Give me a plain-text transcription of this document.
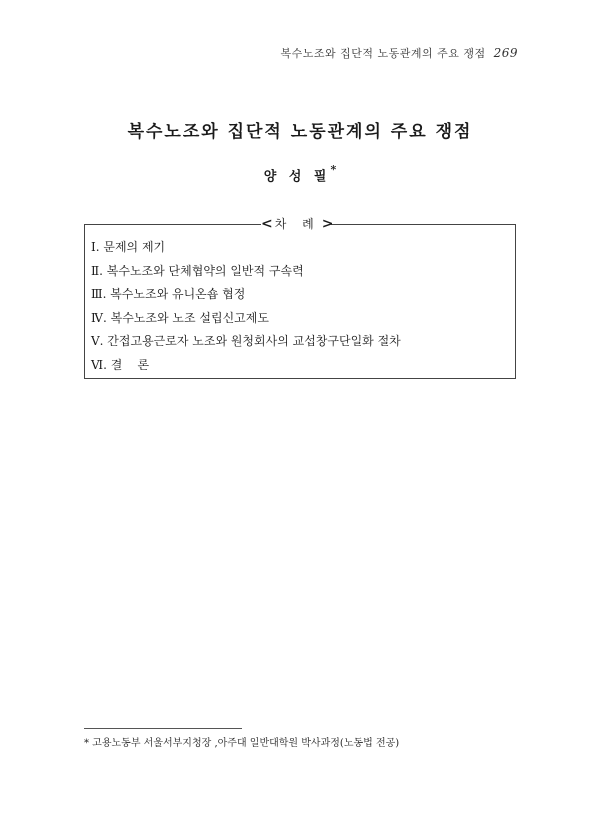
복수노조와 집단적 노동관계의 주요 쟁점 269
복수노조와 집단적 노동관계의 주요 쟁점
양 성 필*
< 차 례 >
Ⅰ. 문제의 제기
Ⅱ. 복수노조와 단체협약의 일반적 구속력
Ⅲ. 복수노조와 유니온숍 협정
Ⅳ. 복수노조와 노조 설립신고제도
Ⅴ. 간접고용근로자 노조와 원청회사의 교섭창구단일화 절차
Ⅵ. 결    론
* 고용노동부 서울서부지청장 ,아주대 일반대학원 박사과정(노동법 전공)
